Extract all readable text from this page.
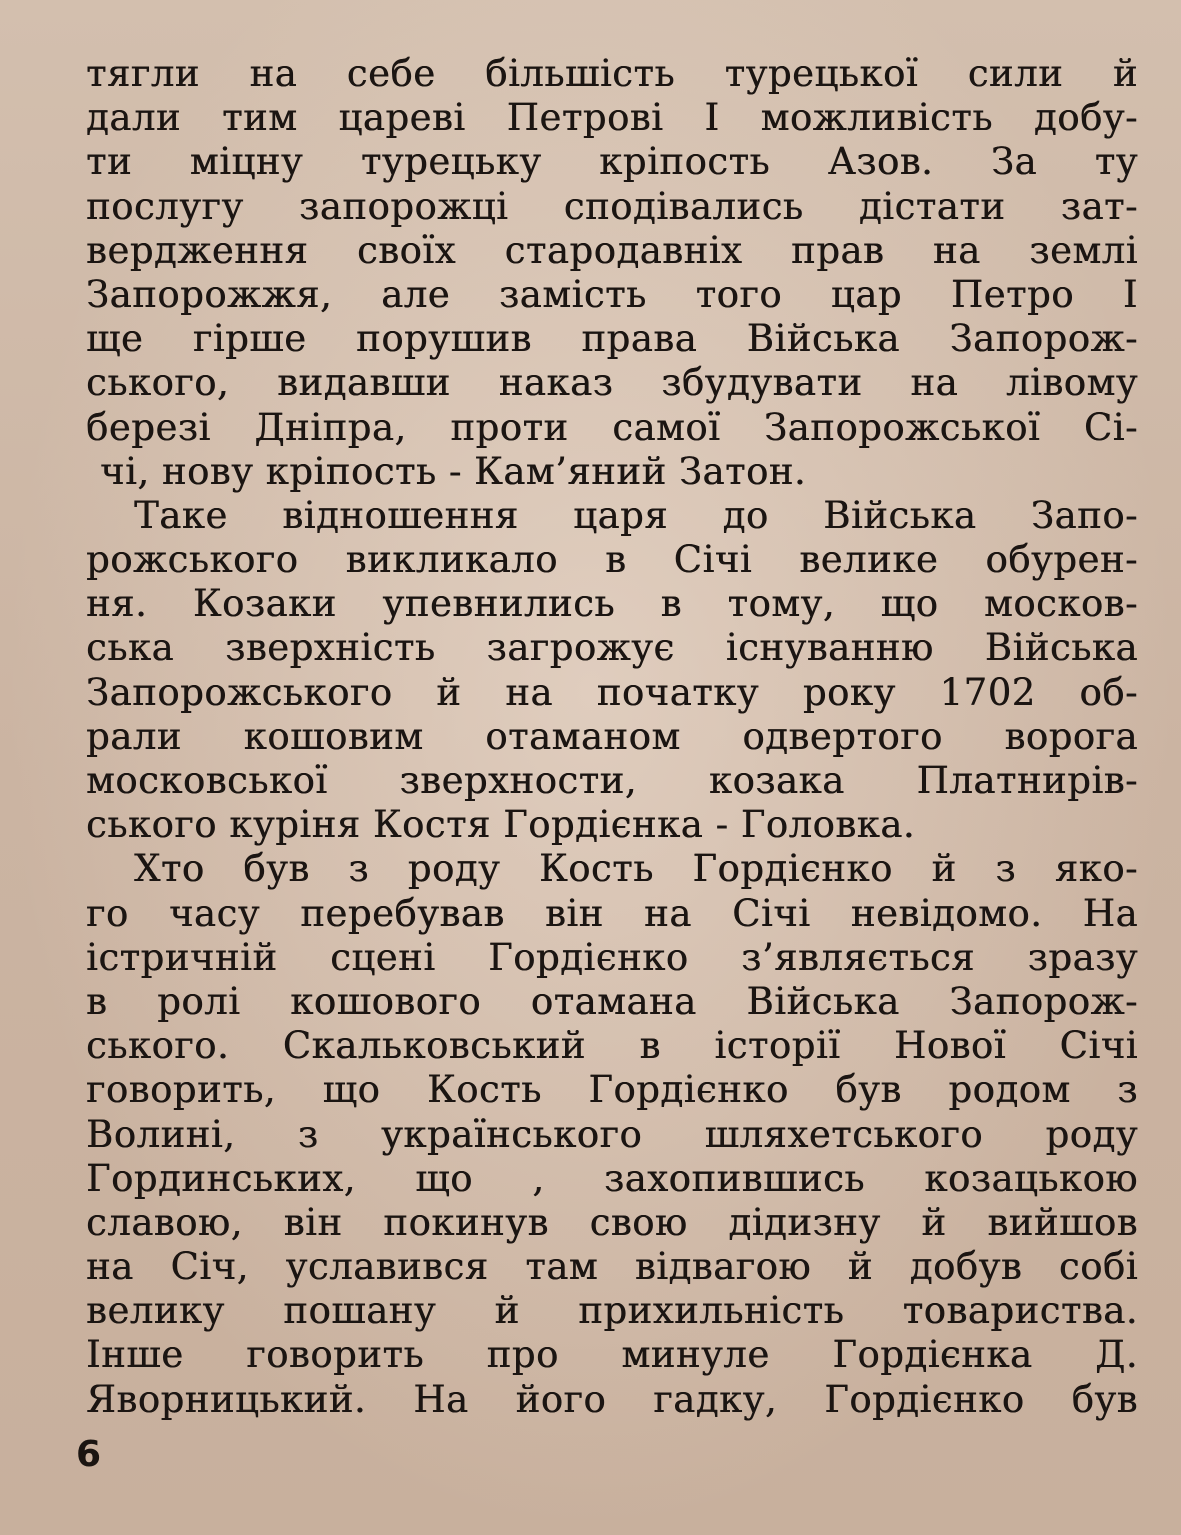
тягли на себе більшість турецької сили й
дали тим цареві Петрові І можливість добу-
ти міцну турецьку кріпость Азов. За ту
послугу запорожці сподівались дістати зат-
вердження своїх стародавніх прав на землі
Запорожжя, але замість того цар Петро І
ще гірше порушив права Війська Запорож-
ського, видавши наказ збудувати на лівому
березі Дніпра, проти самої Запорожської Сі-
чі, нову кріпость - Кам’яний Затон.
Таке відношення царя до Війська Запо-
рожського викликало в Січі велике обурен-
ня. Козаки упевнились в тому, що москов-
ська зверхність загрожує існуванню Війська
Запорожського й на початку року 1702 об-
рали кошовим отаманом одвертого ворога
московської зверхности, козака Платнирів-
ського куріня Костя Гордієнка - Головка.
Хто був з роду Кость Гордієнко й з яко-
го часу перебував він на Січі невідомо. На
істричній сцені Гордієнко з’являється зразу
в ролі кошового отамана Війська Запорож-
ського. Скальковський в історії Нової Січі
говорить, що Кость Гордієнко був родом з
Волині, з українського шляхетського роду
Гординських, що , захопившись козацькою
славою, він покинув свою дідизну й вийшов
на Січ, уславився там відвагою й добув собі
велику пошану й прихильність товариства.
Інше говорить про минуле Гордієнка Д.
Яворницький. На його гадку, Гордієнко був
6
